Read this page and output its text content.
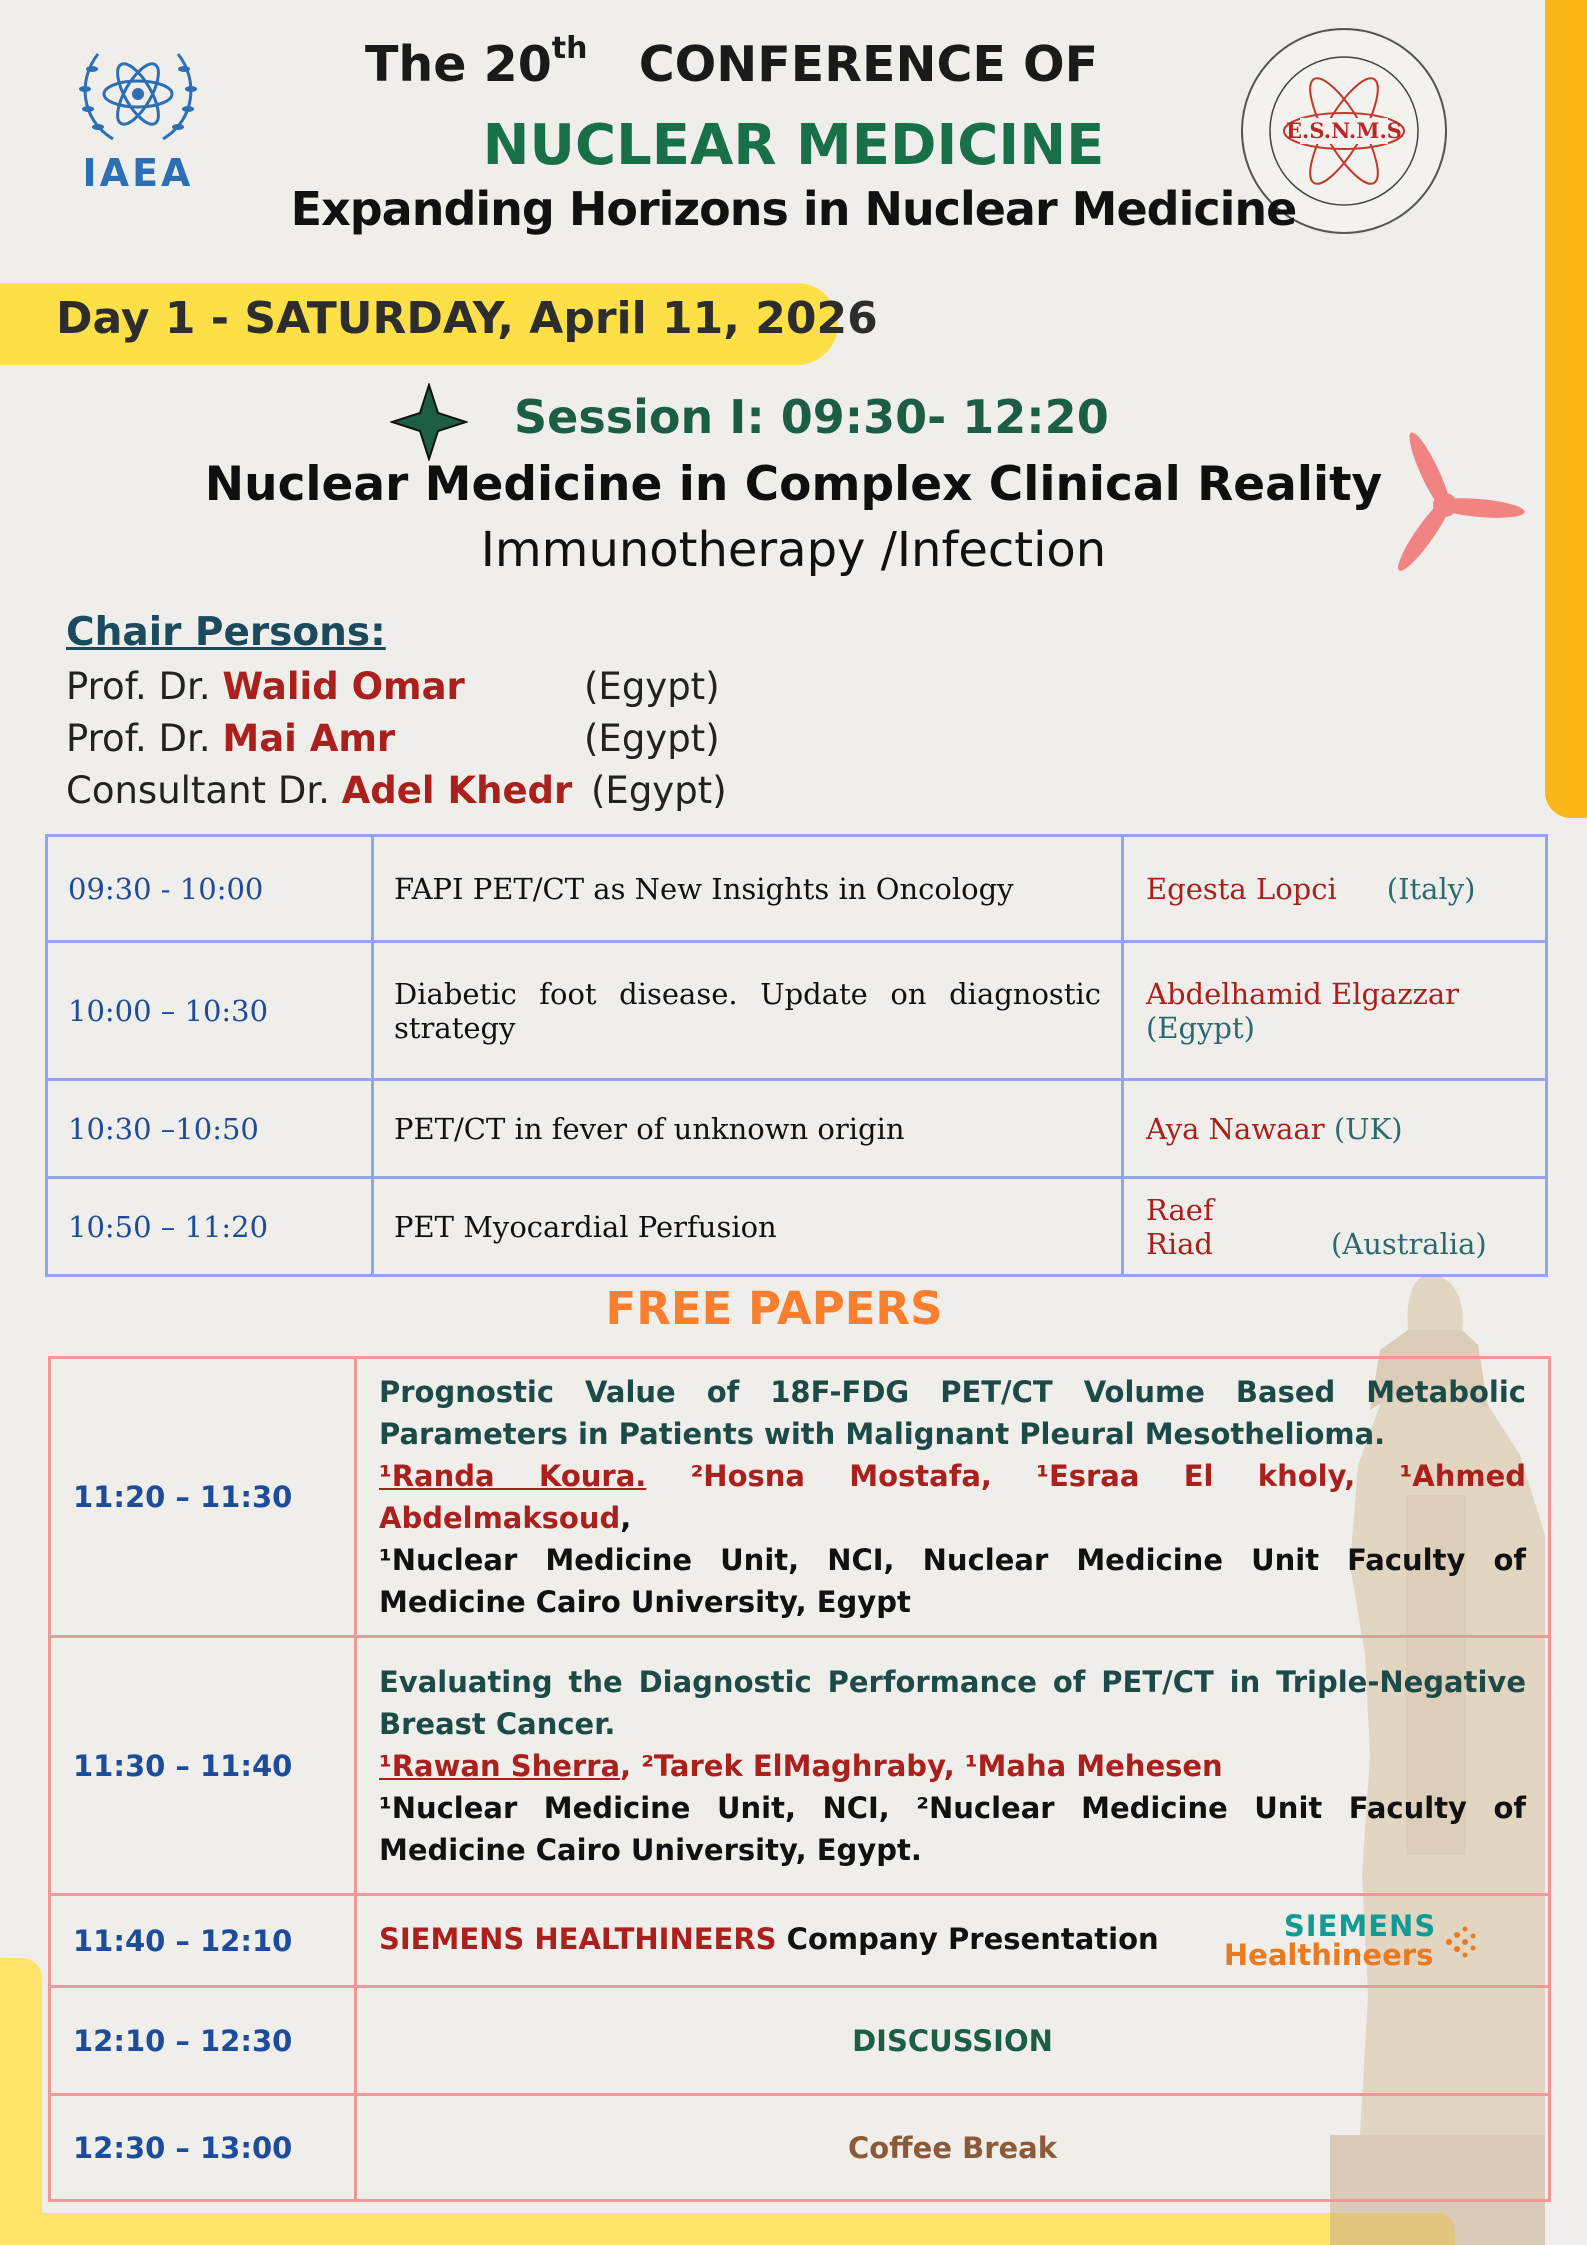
IAEA
E.S.N.M.S
The 20th CONFERENCE OF
NUCLEAR MEDICINE
Expanding Horizons in Nuclear Medicine
Day 1 - SATURDAY, April 11, 2026
Session I: 09:30- 12:20
Nuclear Medicine in Complex Clinical Reality
Immunotherapy /Infection
Chair Persons:
Prof. Dr. Walid Omar	(Egypt)
Prof. Dr. Mai Amr	(Egypt)
Consultant Dr. Adel Khedr (Egypt)
09:30 - 10:00	FAPI PET/CT as New Insights in Oncology	Egesta Lopci (Italy)
10:00 – 10:30	Diabetic foot disease. Update on diagnostic strategy	Abdelhamid Elgazzar (Egypt)
10:30 –10:50	PET/CT in fever of unknown origin	Aya Nawaar (UK)
10:50 – 11:20	PET Myocardial Perfusion	Raef Riad (Australia)
FREE PAPERS
11:20 – 11:30	Prognostic Value of 18F-FDG PET/CT Volume Based Metabolic Parameters in Patients with Malignant Pleural Mesothelioma.
¹Randa Koura. ²Hosna Mostafa, ¹Esraa El kholy, ¹Ahmed Abdelmaksoud,
¹Nuclear Medicine Unit, NCI, Nuclear Medicine Unit Faculty of Medicine Cairo University, Egypt

11:30 – 11:40	Evaluating the Diagnostic Performance of PET/CT in Triple-Negative Breast Cancer.
¹Rawan Sherra, ²Tarek ElMaghraby, ¹Maha Mehesen
¹Nuclear Medicine Unit, NCI, ²Nuclear Medicine Unit Faculty of Medicine Cairo University, Egypt.

11:40 – 12:10	SIEMENS HEALTHINEERS Company Presentation SIEMENS
Healthineers
12:10 – 12:30	DISCUSSION
12:30 – 13:00	Coffee Break
